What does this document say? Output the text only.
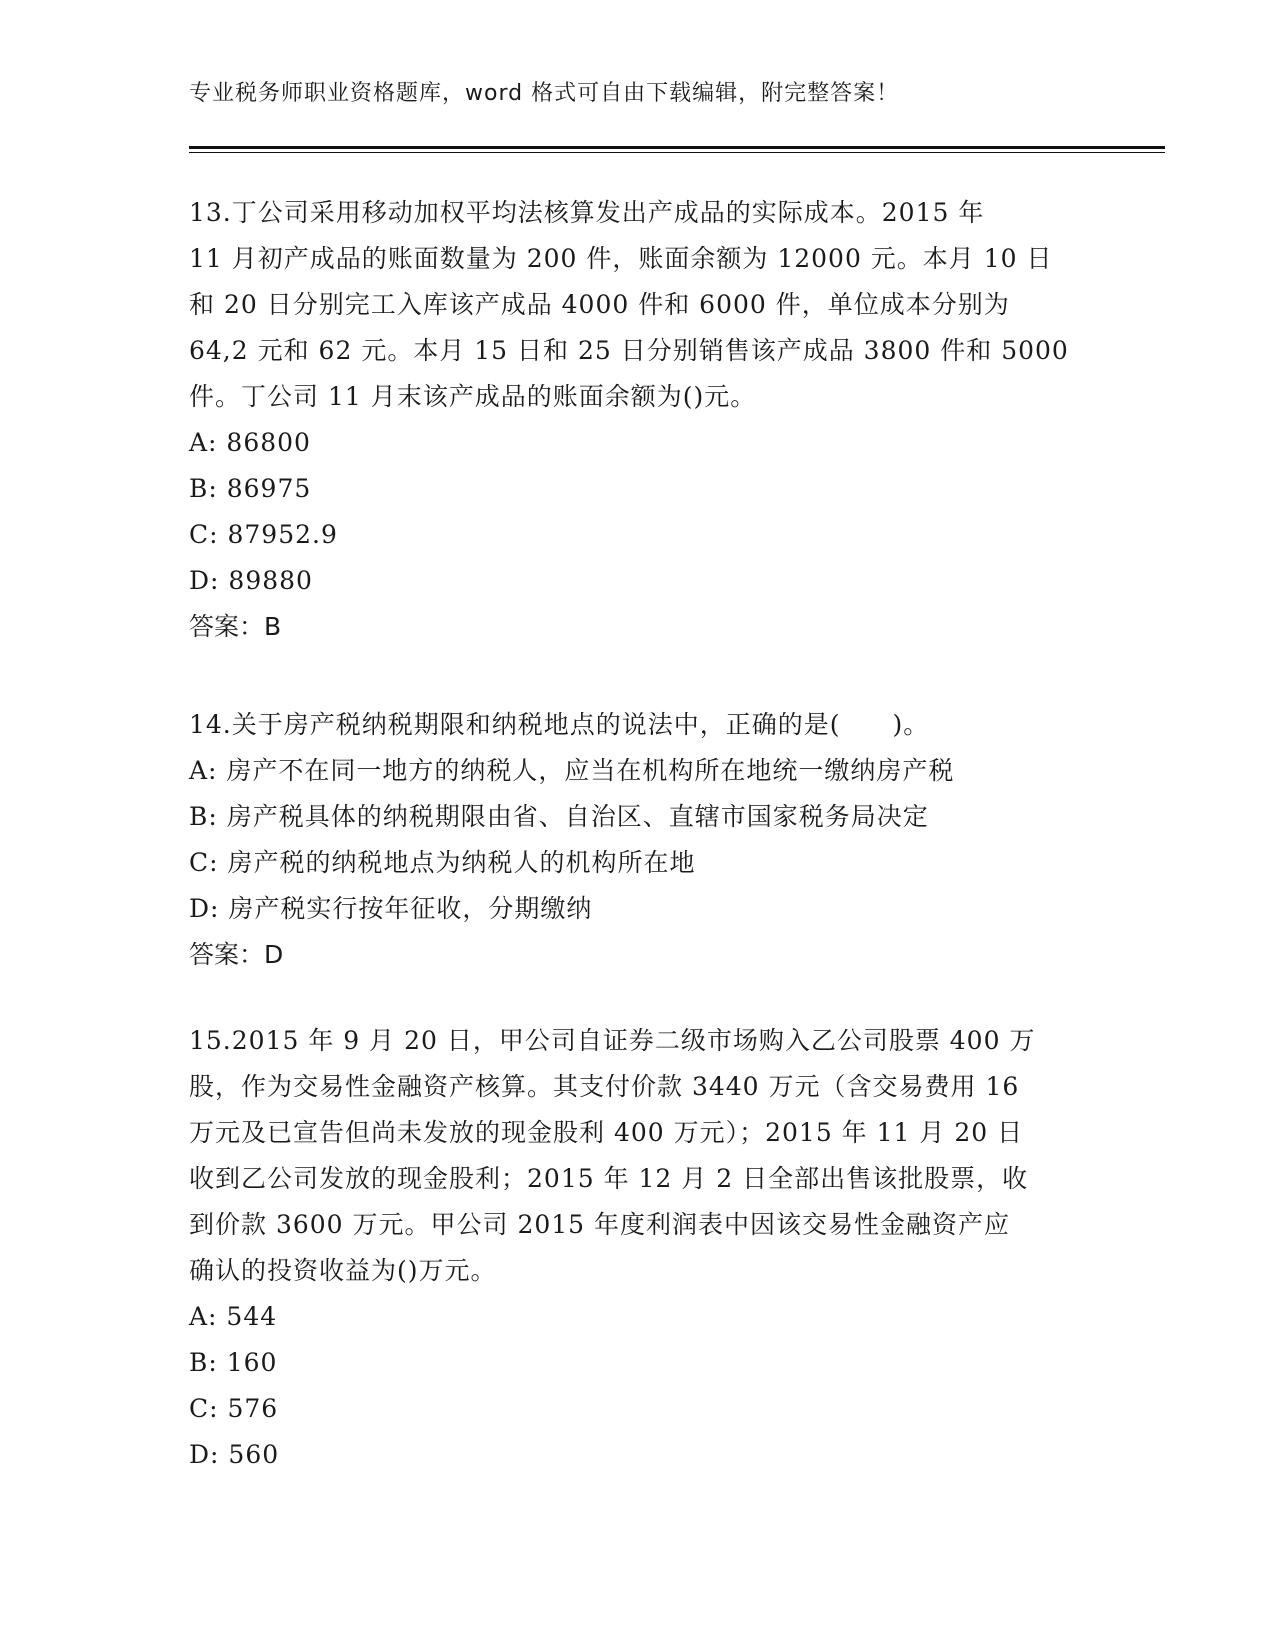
专业税务师职业资格题库，word 格式可自由下载编辑，附完整答案！
13.丁公司采用移动加权平均法核算发出产成品的实际成本。2015 年
11 月初产成品的账面数量为 200 件，账面余额为 12000 元。本月 10 日
和 20 日分别完工入库该产成品 4000 件和 6000 件，单位成本分别为
64,2 元和 62 元。本月 15 日和 25 日分别销售该产成品 3800 件和 5000
件。丁公司 11 月末该产成品的账面余额为()元。
A: 86800
B: 86975
C: 87952.9
D: 89880
答案：B
14.关于房产税纳税期限和纳税地点的说法中，正确的是(　　)。
A: 房产不在同一地方的纳税人，应当在机构所在地统一缴纳房产税
B: 房产税具体的纳税期限由省、自治区、直辖市国家税务局决定
C: 房产税的纳税地点为纳税人的机构所在地
D: 房产税实行按年征收，分期缴纳
答案：D
15.2015 年 9 月 20 日，甲公司自证券二级市场购入乙公司股票 400 万
股，作为交易性金融资产核算。其支付价款 3440 万元（含交易费用 16
万元及已宣告但尚未发放的现金股利 400 万元）；2015 年 11 月 20 日
收到乙公司发放的现金股利；2015 年 12 月 2 日全部出售该批股票，收
到价款 3600 万元。甲公司 2015 年度利润表中因该交易性金融资产应
确认的投资收益为()万元。
A: 544
B: 160
C: 576
D: 560
